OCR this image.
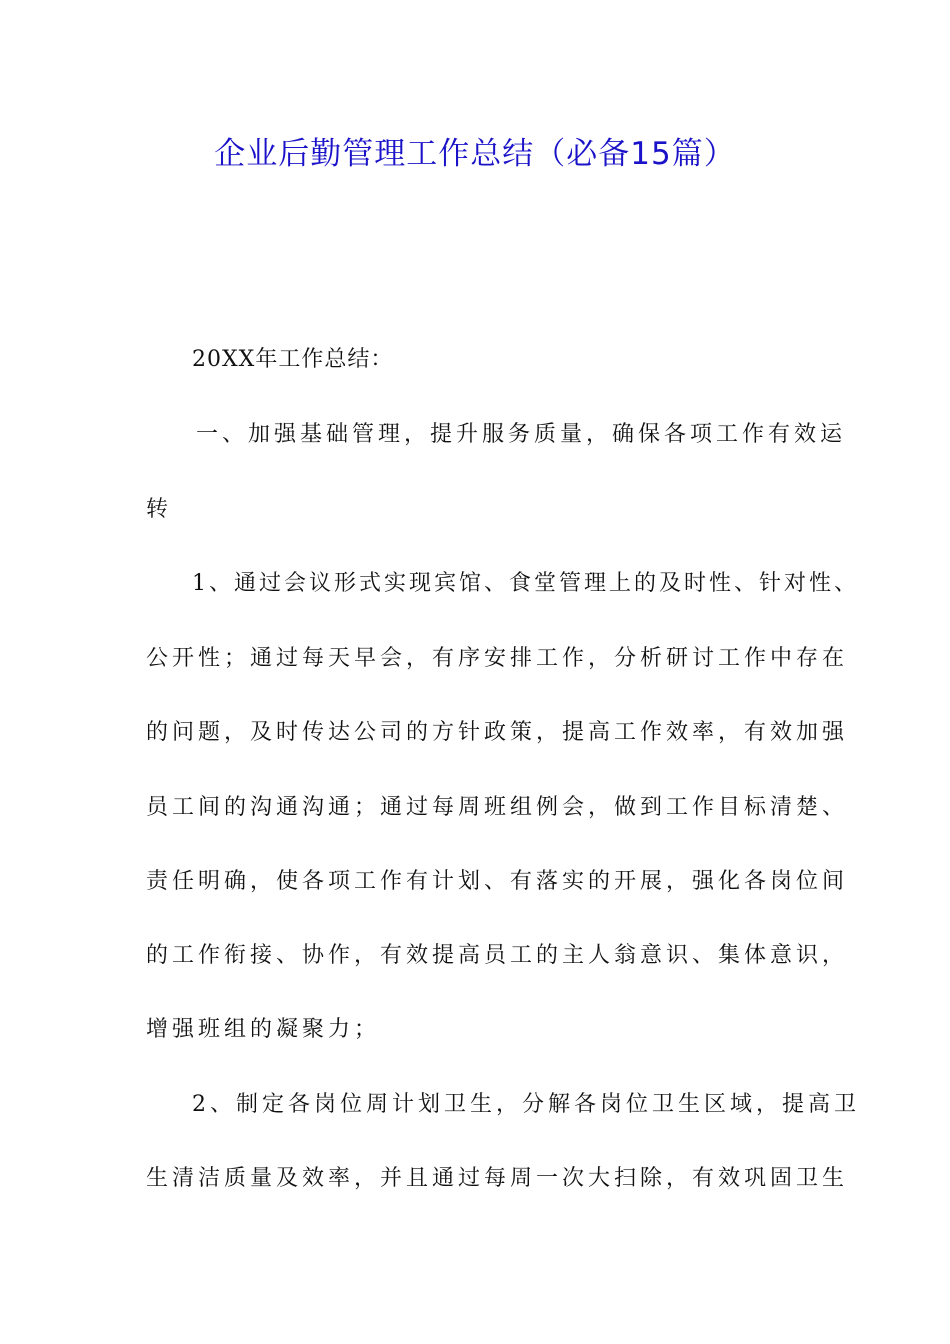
企业后勤管理工作总结（必备15篇）
20XX年工作总结：
一、加强基础管理，提升服务质量，确保各项工作有效运
转
1、通过会议形式实现宾馆、食堂管理上的及时性、针对性、
公开性；通过每天早会，有序安排工作，分析研讨工作中存在
的问题，及时传达公司的方针政策，提高工作效率，有效加强
员工间的沟通沟通；通过每周班组例会，做到工作目标清楚、
责任明确，使各项工作有计划、有落实的开展，强化各岗位间
的工作衔接、协作，有效提高员工的主人翁意识、集体意识，
增强班组的凝聚力；
2、制定各岗位周计划卫生，分解各岗位卫生区域，提高卫
生清洁质量及效率，并且通过每周一次大扫除，有效巩固卫生
